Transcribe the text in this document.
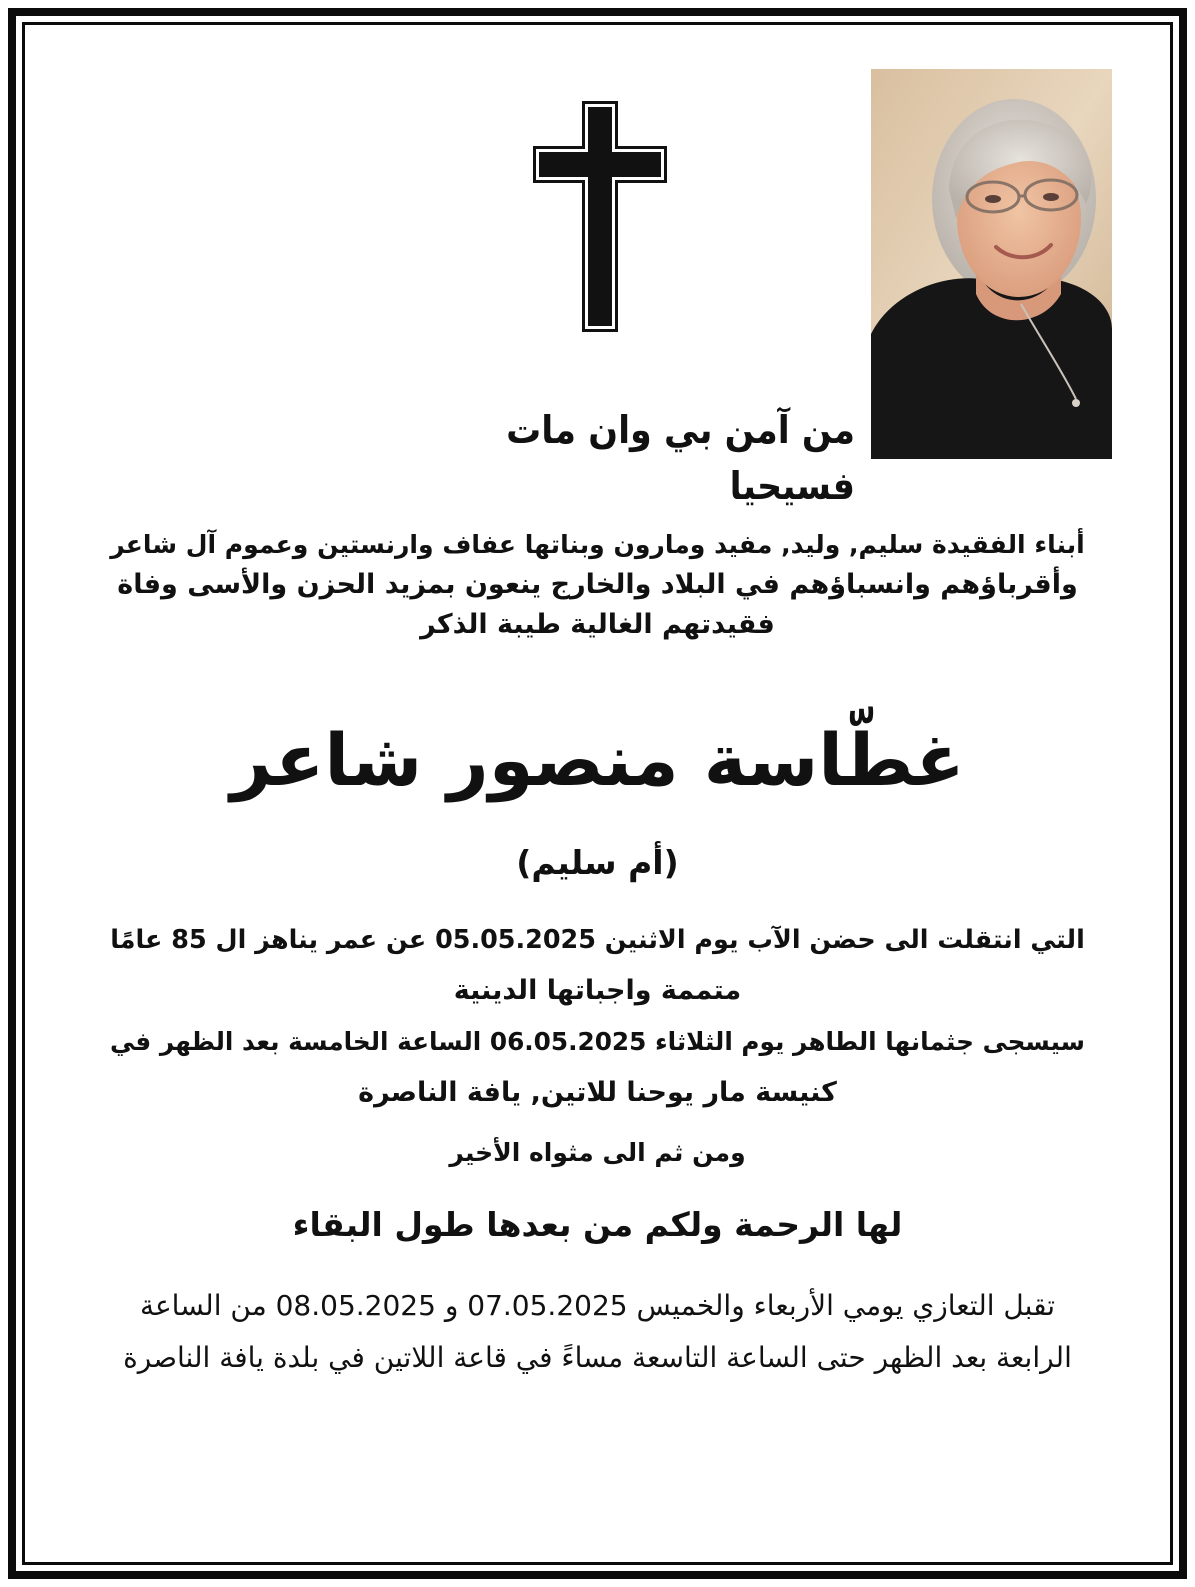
من آمن بي وان مات فسيحيا

أبناء الفقيدة سليم, وليد, مفيد ومارون وبناتها عفاف وارنستين وعموم آل شاعر
وأقرباؤهم وانسباؤهم في البلاد والخارج ينعون بمزيد الحزن والأسى وفاة
فقيدتهم الغالية طيبة الذكر
غطّاسة منصور شاعر
(أم سليم)
التي انتقلت الى حضن الآب يوم الاثنين 05.05.2025 عن عمر يناهز ال 85 عامًا
متممة واجباتها الدينية
سيسجى جثمانها الطاهر يوم الثلاثاء 06.05.2025 الساعة الخامسة بعد الظهر في
كنيسة مار يوحنا للاتين, يافة الناصرة
ومن ثم الى مثواه الأخير
لها الرحمة ولكم من بعدها طول البقاء
تقبل التعازي يومي الأربعاء والخميس 07.05.2025 و 08.05.2025 من الساعة
الرابعة بعد الظهر حتى الساعة التاسعة مساءً في قاعة اللاتين في بلدة يافة الناصرة
